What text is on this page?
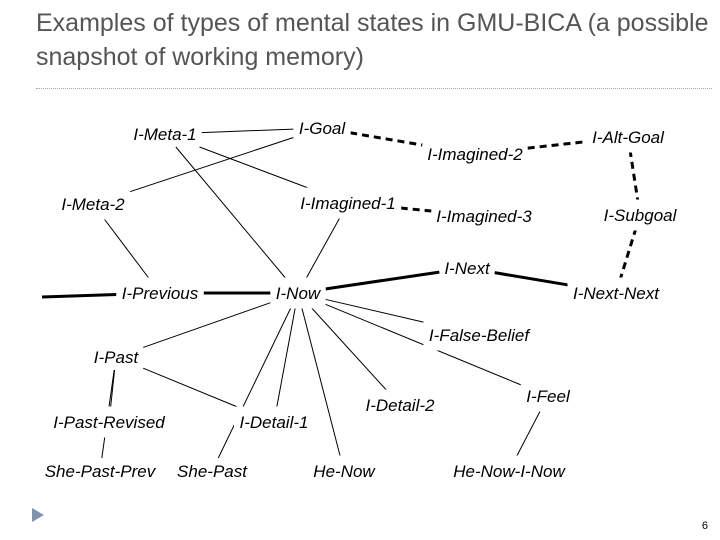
Examples of types of mental states in GMU-BICA (a possible snapshot of working memory)
I-Goal
I-Meta-1
I-Meta-2	I-Imagined-1
I-Imagined-2
I-Imagined-3
I-Alt-Goal
I-Subgoal
I-Next
I-Previous	I-Now	I-Next-Next
I-False-Belief
I-Past
I-Past-Revised	I-Detail-1
I-Detail-2	I-Feel
She-Past-Prev She-Past	He-Now	He-Now-I-Now
6
